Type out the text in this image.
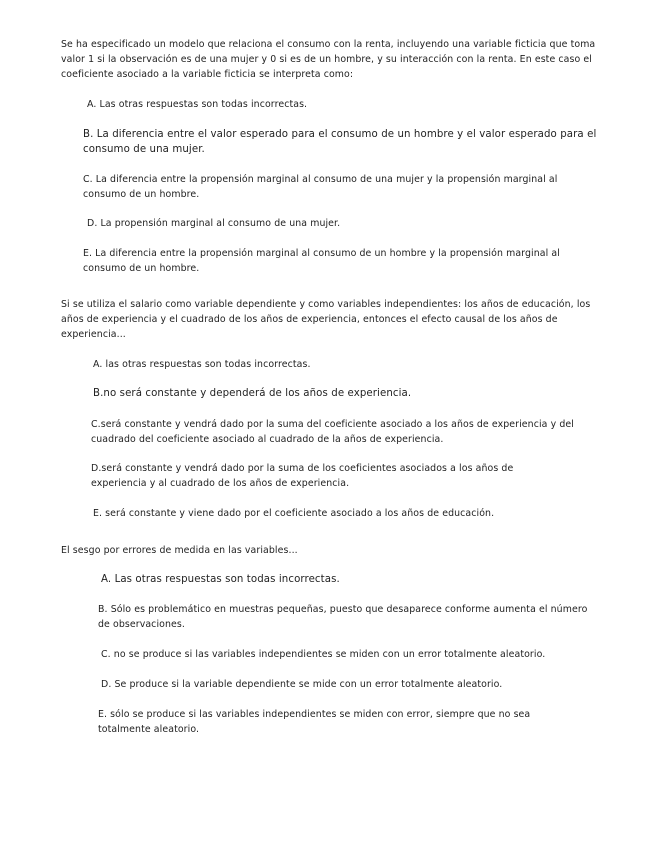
Se ha especificado un modelo que relaciona el consumo con la renta, incluyendo una variable ficticia que toma valor 1 si la observación es de una mujer y 0 si es de un hombre, y su interacción con la renta. En este caso el coeficiente asociado a la variable ficticia se interpreta como:

A. Las otras respuestas son todas incorrectas.

B. La diferencia entre el valor esperado para el consumo de un hombre y el valor esperado para el consumo de una mujer.

C. La diferencia entre la propensión marginal al consumo de una mujer y la propensión marginal al consumo de un hombre.

D. La propensión marginal al consumo de una mujer.

E. La diferencia entre la propensión marginal al consumo de un hombre y la propensión marginal al consumo de un hombre.

Si se utiliza el salario como variable dependiente y como variables independientes: los años de educación, los años de experiencia y el cuadrado de los años de experiencia, entonces el efecto causal de los años de experiencia...

A. las otras respuestas son todas incorrectas.

B.no será constante y dependerá de los años de experiencia.

C.será constante y vendrá dado por la suma del coeficiente asociado a los años de experiencia y del cuadrado del coeficiente asociado al cuadrado de la años de experiencia.

D.será constante y vendrá dado por la suma de los coeficientes asociados a los años de experiencia y al cuadrado de los años de experiencia.

E. será constante y viene dado por el coeficiente asociado a los años de educación.

El sesgo por errores de medida en las variables...

A. Las otras respuestas son todas incorrectas.

B. Sólo es problemático en muestras pequeñas, puesto que desaparece conforme aumenta el número de observaciones.

C. no se produce si las variables independientes se miden con un error totalmente aleatorio.

D. Se produce si la variable dependiente se mide con un error totalmente aleatorio.

E. sólo se produce si las variables independientes se miden con error, siempre que no sea totalmente aleatorio.
